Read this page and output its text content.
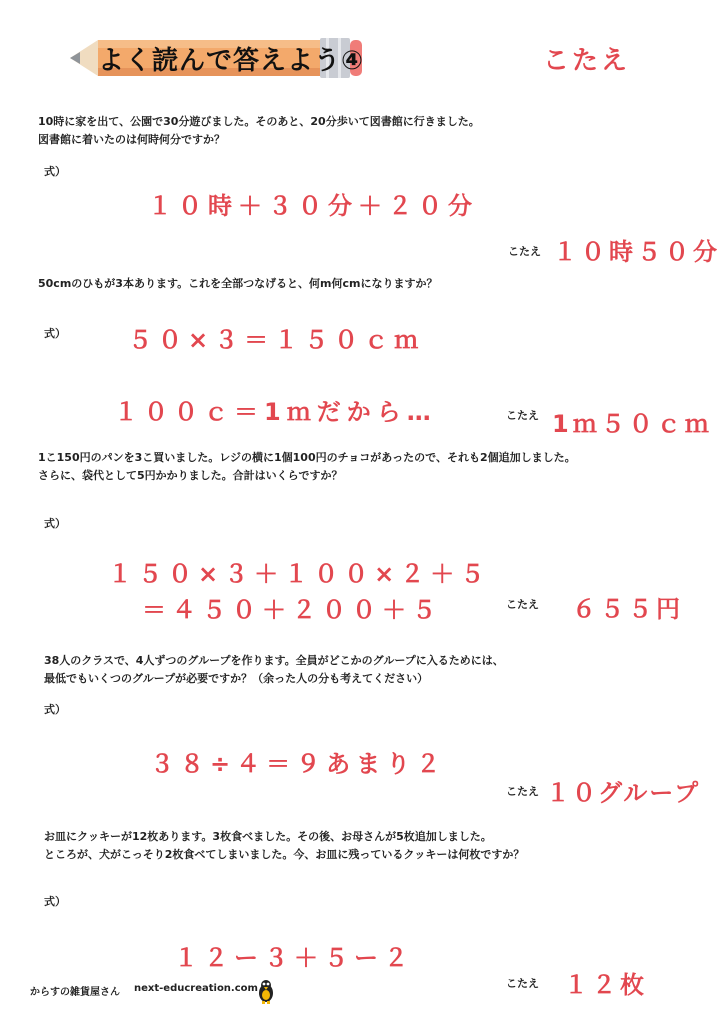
よく読んで答えよう④	こたえ
10時に家を出て、公園で30分遊びました。そのあと、20分歩いて図書館に行きました。
図書館に着いたのは何時何分ですか？
式）
１０時＋３０分＋２０分
こたえ １０時５０分
50cmのひもが3本あります。これを全部つなげると、何m何cmになりますか？
式）	５０×３＝１５０ｃｍ
１００ｃ＝1ｍだから…	こたえ 1ｍ５０ｃｍ
1こ150円のパンを3こ買いました。レジの横に1個100円のチョコがあったので、それも2個追加しました。
さらに、袋代として5円かかりました。合計はいくらですか？
式）
１５０×３＋１００×２＋５
＝４５０＋２００＋５	こたえ ６５５円
38人のクラスで、4人ずつのグループを作ります。全員がどこかのグループに入るためには、
最低でもいくつのグループが必要ですか？（余った人の分も考えてください）
式）
３８÷４＝９あまり２
こたえ １０グループ
お皿にクッキーが12枚あります。3枚食べました。その後、お母さんが5枚追加しました。
ところが、犬がこっそり2枚食べてしまいました。今、お皿に残っているクッキーは何枚ですか？
式）
１２ー３＋５ー２
こたえ １２枚
からすの雑貨屋さん next-educreation.com
